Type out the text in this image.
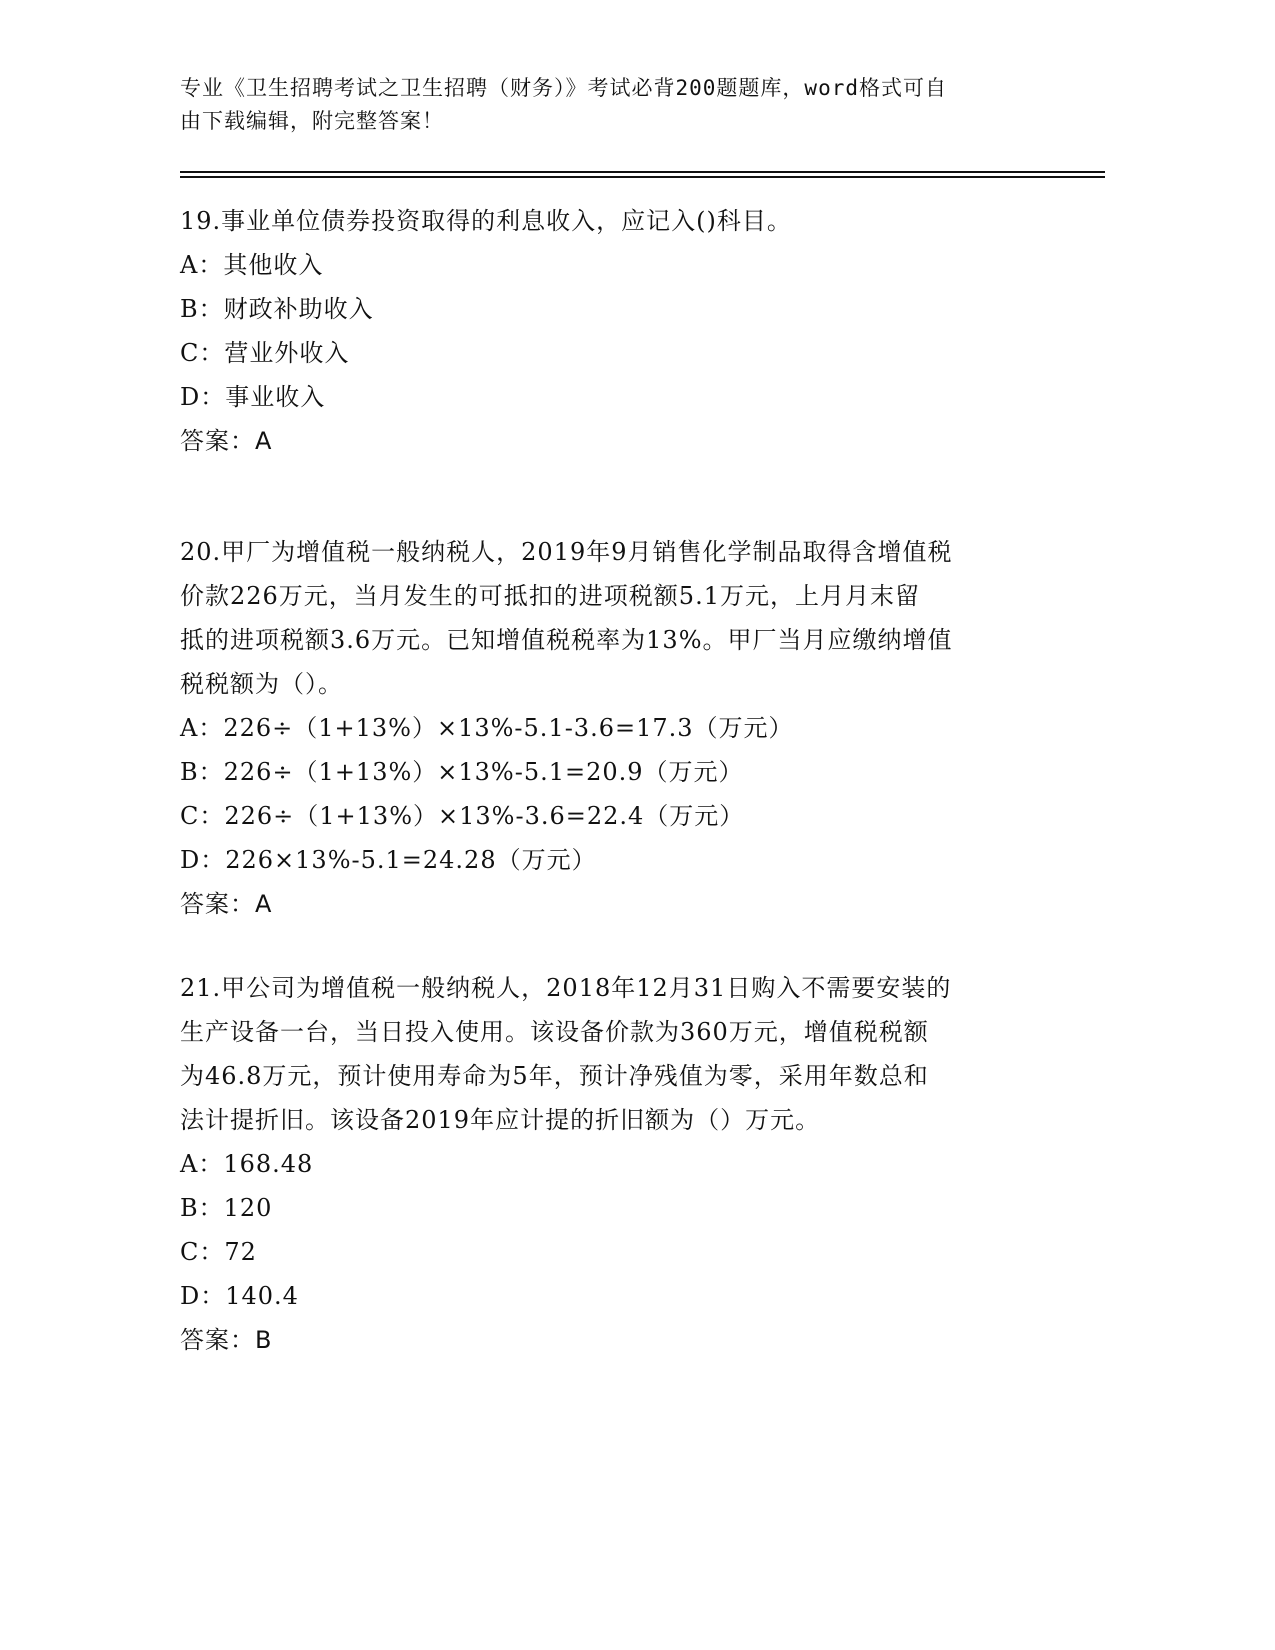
专业《卫生招聘考试之卫生招聘（财务）》考试必背200题题库，word格式可自
由下载编辑，附完整答案！
19.事业单位债券投资取得的利息收入，应记入()科目。
A：其他收入
B：财政补助收入
C：营业外收入
D：事业收入
答案：A
20.甲厂为增值税一般纳税人，2019年9月销售化学制品取得含增值税
价款226万元，当月发生的可抵扣的进项税额5.1万元，上月月末留
抵的进项税额3.6万元。已知增值税税率为13%。甲厂当月应缴纳增值
税税额为（）。
A：226÷（1+13%）×13%-5.1-3.6=17.3（万元）
B：226÷（1+13%）×13%-5.1=20.9（万元）
C：226÷（1+13%）×13%-3.6=22.4（万元）
D：226×13%-5.1=24.28（万元）
答案：A
21.甲公司为增值税一般纳税人，2018年12月31日购入不需要安装的
生产设备一台，当日投入使用。该设备价款为360万元，增值税税额
为46.8万元，预计使用寿命为5年，预计净残值为零，采用年数总和
法计提折旧。该设备2019年应计提的折旧额为（）万元。
A：168.48
B：120
C：72
D：140.4
答案：B
